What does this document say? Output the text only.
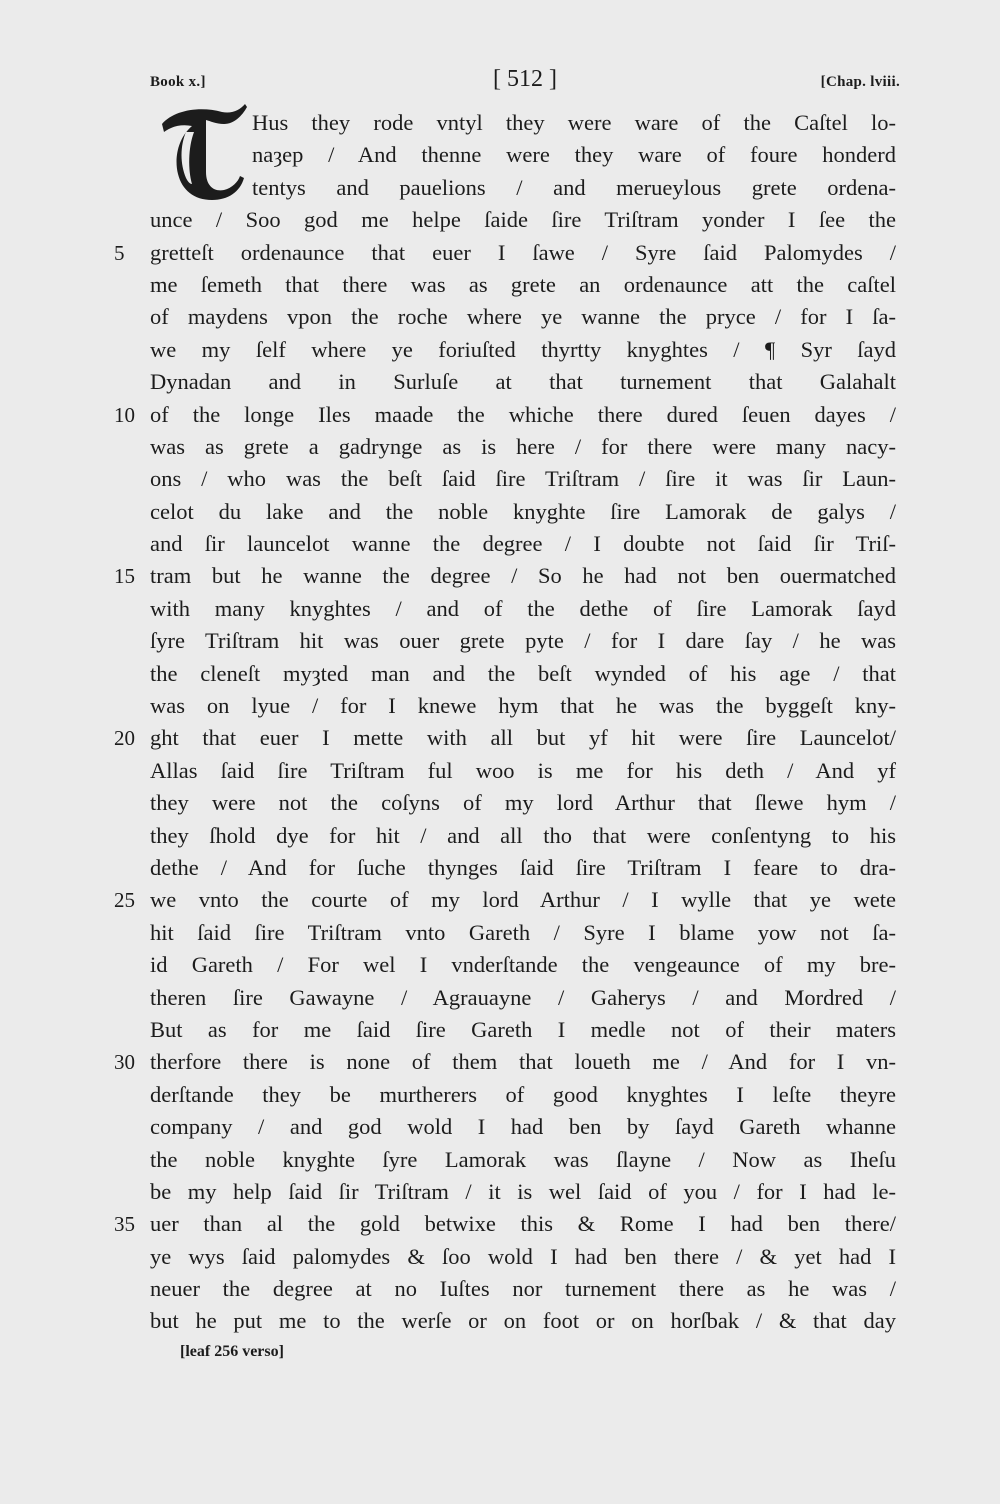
Book x.]	[ 512 ]	[Chap. lviii.
Hus they rode vntyl they were ware of the Caſtel lo-
naȝep / And thenne were they ware of foure honderd
tentys and pauelions / and merueylous grete ordena-
unce / Soo god me helpe ſaide ſire Triſtram yonder I ſee the
5	gretteſt ordenaunce that euer I ſawe / Syre ſaid Palomydes /
me ſemeth that there was as grete an ordenaunce att the caſtel
of maydens vpon the roche where ye wanne the pryce / for I ſa-
we my ſelf where ye foriuſted thyrtty knyghtes / ¶ Syr ſayd
Dynadan and in Surluſe at that turnement that Galahalt
10 of the longe Iles maade the whiche there dured ſeuen dayes /
was as grete a gadrynge as is here / for there were many nacy-
ons / who was the beſt ſaid ſire Triſtram / ſire it was ſir Laun-
celot du lake and the noble knyghte ſire Lamorak de galys /
and ſir launcelot wanne the degree / I doubte not ſaid ſir Triſ-
15 tram but he wanne the degree / So he had not ben ouermatched
with many knyghtes / and of the dethe of ſire Lamorak ſayd
ſyre Triſtram hit was ouer grete pyte / for I dare ſay / he was
the cleneſt myȝted man and the beſt wynded of his age / that
was on lyue / for I knewe hym that he was the byggeſt kny-
20 ght that euer I mette with all but yf hit were ſire Launcelot/
Allas ſaid ſire Triſtram ful woo is me for his deth / And yf
they were not the coſyns of my lord Arthur that ſlewe hym /
they ſhold dye for hit / and all tho that were conſentyng to his
dethe / And for ſuche thynges ſaid ſire Triſtram I feare to dra-
25 we vnto the courte of my lord Arthur / I wylle that ye wete
hit ſaid ſire Triſtram vnto Gareth / Syre I blame yow not ſa-
id Gareth / For wel I vnderſtande the vengeaunce of my bre-
theren ſire Gawayne / Agrauayne / Gaherys / and Mordred /
But as for me ſaid ſire Gareth I medle not of their maters
30 therfore there is none of them that loueth me / And for I vn-
derſtande they be murtherers of good knyghtes I leſte theyre
company / and god wold I had ben by ſayd Gareth whanne
the noble knyghte ſyre Lamorak was ſlayne / Now as Iheſu
be my help ſaid ſir Triſtram / it is wel ſaid of you / for I had le-
35 uer than al the gold betwixe this & Rome I had ben there/
ye wys ſaid palomydes & ſoo wold I had ben there / & yet had I
neuer the degree at no Iuſtes nor turnement there as he was /
but he put me to the werſe or on foot or on horſbak / & that day
[leaf 256 verso]
